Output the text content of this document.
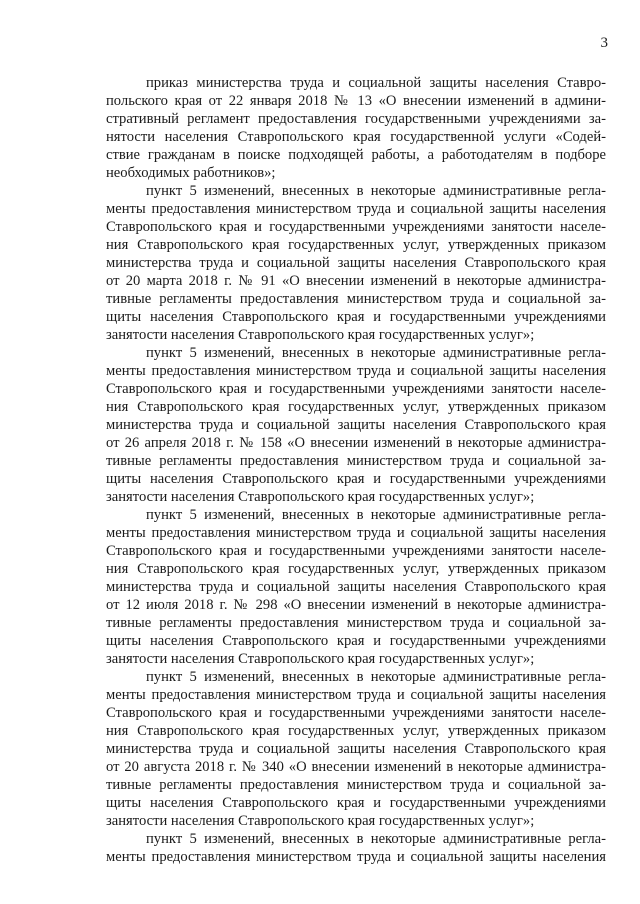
3
приказ министерства труда и социальной защиты населения Ставро-
польского края от 22 января 2018 № 13 «О внесении изменений в админи-
стративный регламент предоставления государственными учреждениями за-
нятости населения Ставропольского края государственной услуги «Содей-
ствие гражданам в поиске подходящей работы, а работодателям в подборе
необходимых работников»;
пункт 5 изменений, внесенных в некоторые административные регла-
менты предоставления министерством труда и социальной защиты населения
Ставропольского края и государственными учреждениями занятости населе-
ния Ставропольского края государственных услуг, утвержденных приказом
министерства труда и социальной защиты населения Ставропольского края
от 20 марта 2018 г. № 91 «О внесении изменений в некоторые администра-
тивные регламенты предоставления министерством труда и социальной за-
щиты населения Ставропольского края и государственными учреждениями
занятости населения Ставропольского края государственных услуг»;
пункт 5 изменений, внесенных в некоторые административные регла-
менты предоставления министерством труда и социальной защиты населения
Ставропольского края и государственными учреждениями занятости населе-
ния Ставропольского края государственных услуг, утвержденных приказом
министерства труда и социальной защиты населения Ставропольского края
от 26 апреля 2018 г. № 158 «О внесении изменений в некоторые администра-
тивные регламенты предоставления министерством труда и социальной за-
щиты населения Ставропольского края и государственными учреждениями
занятости населения Ставропольского края государственных услуг»;
пункт 5 изменений, внесенных в некоторые административные регла-
менты предоставления министерством труда и социальной защиты населения
Ставропольского края и государственными учреждениями занятости населе-
ния Ставропольского края государственных услуг, утвержденных приказом
министерства труда и социальной защиты населения Ставропольского края
от 12 июля 2018 г. № 298 «О внесении изменений в некоторые администра-
тивные регламенты предоставления министерством труда и социальной за-
щиты населения Ставропольского края и государственными учреждениями
занятости населения Ставропольского края государственных услуг»;
пункт 5 изменений, внесенных в некоторые административные регла-
менты предоставления министерством труда и социальной защиты населения
Ставропольского края и государственными учреждениями занятости населе-
ния Ставропольского края государственных услуг, утвержденных приказом
министерства труда и социальной защиты населения Ставропольского края
от 20 августа 2018 г. № 340 «О внесении изменений в некоторые администра-
тивные регламенты предоставления министерством труда и социальной за-
щиты населения Ставропольского края и государственными учреждениями
занятости населения Ставропольского края государственных услуг»;
пункт 5 изменений, внесенных в некоторые административные регла-
менты предоставления министерством труда и социальной защиты населения
